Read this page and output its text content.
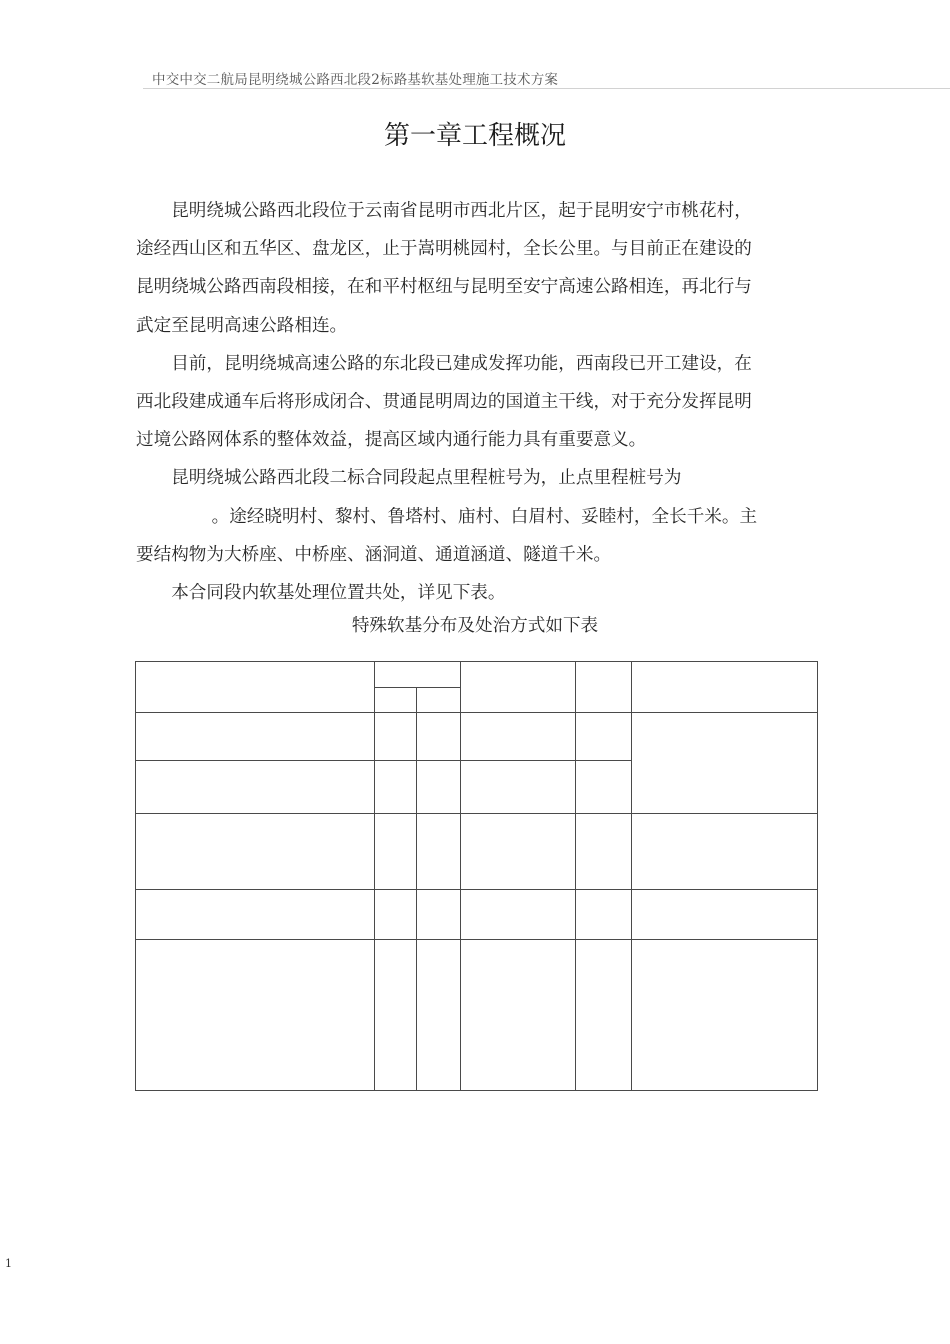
中交中交二航局昆明绕城公路西北段2标路基软基处理施工技术方案
第一章工程概况

昆明绕城公路西北段位于云南省昆明市西北片区，起于昆明安宁市桃花村，
途经西山区和五华区、盘龙区，止于嵩明桃园村，全长公里。与目前正在建设的
昆明绕城公路西南段相接，在和平村枢纽与昆明至安宁高速公路相连，再北行与
武定至昆明高速公路相连。

目前，昆明绕城高速公路的东北段已建成发挥功能，西南段已开工建设，在
西北段建成通车后将形成闭合、贯通昆明周边的国道主干线，对于充分发挥昆明
过境公路网体系的整体效益，提高区域内通行能力具有重要意义。

昆明绕城公路西北段二标合同段起点里程桩号为，止点里程桩号为
。途经晓明村、黎村、鲁塔村、庙村、白眉村、妥睦村，全长千米。主
要结构物为大桥座、中桥座、涵洞道、通道涵道、隧道千米。

本合同段内软基处理位置共处，详见下表。

特殊软基分布及处治方式如下表

1
